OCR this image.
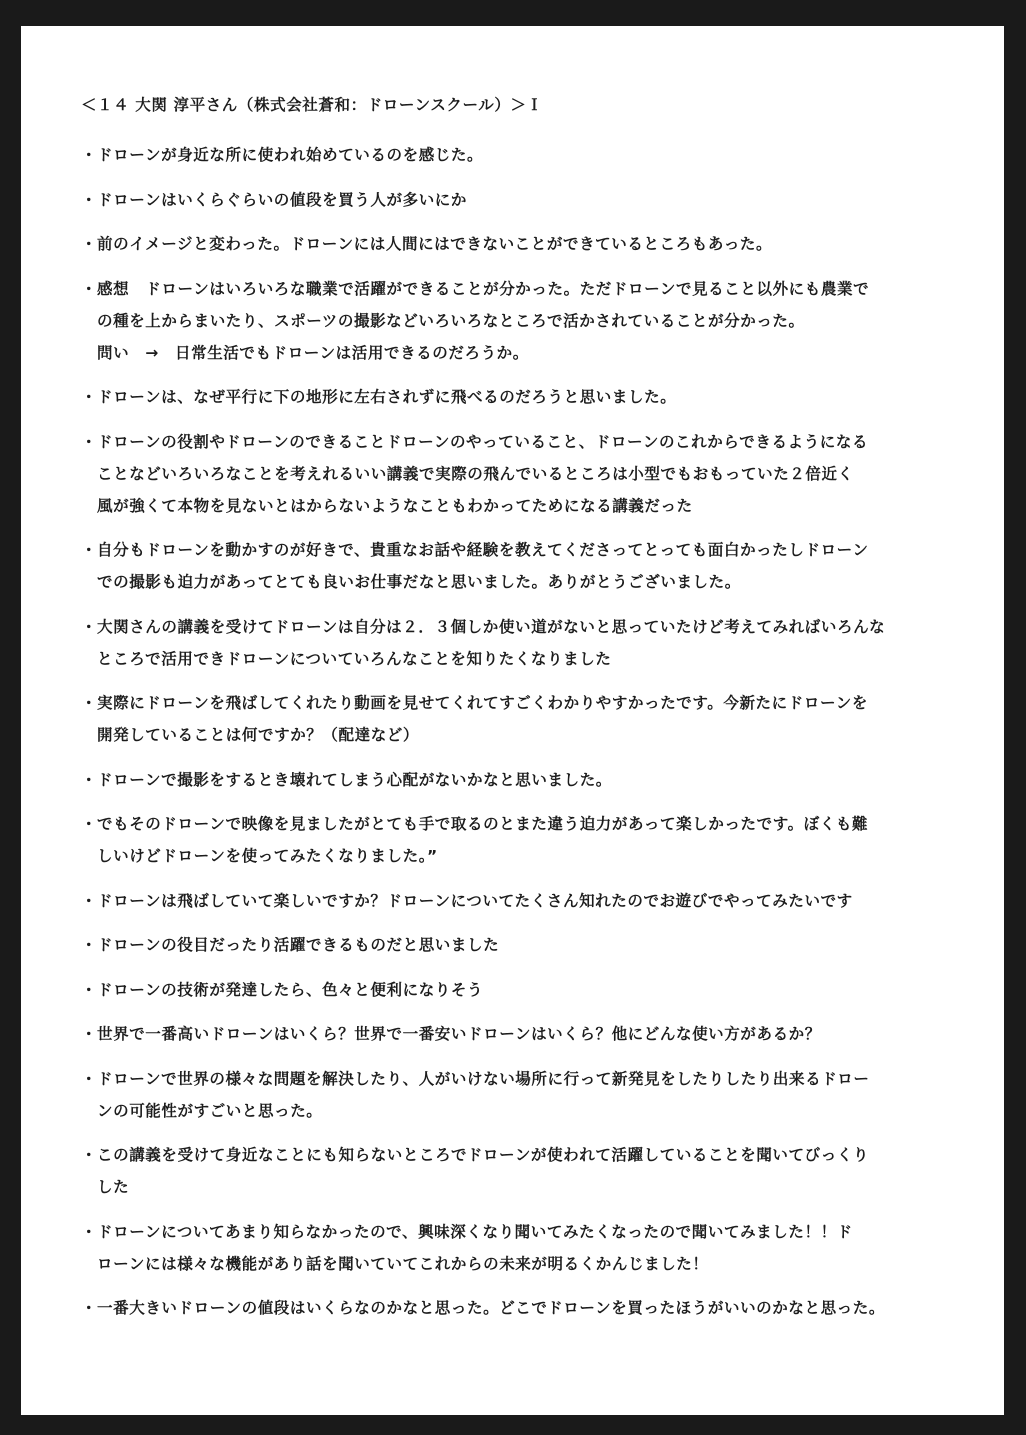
＜１４ 大関 淳平さん（株式会社蒼和：ドローンスクール）＞Ｉ
・ ドローンが身近な所に使われ始めているのを感じた。
・ ドローンはいくらぐらいの値段を買う人が多いにか
・ 前のイメージと変わった。ドローンには人間にはできないことができているところもあった。
・ 感想　ドローンはいろいろな職業で活躍ができることが分かった。ただドローンで見ること以外にも農業で
の種を上からまいたり、スポーツの撮影などいろいろなところで活かされていることが分かった。
問い　→　日常生活でもドローンは活用できるのだろうか。
・ ドローンは、なぜ平行に下の地形に左右されずに飛べるのだろうと思いました。
・ ドローンの役割やドローンのできることドローンのやっていること、ドローンのこれからできるようになる
ことなどいろいろなことを考えれるいい講義で実際の飛んでいるところは小型でもおもっていた２倍近く
風が強くて本物を見ないとはからないようなこともわかってためになる講義だった
・ 自分もドローンを動かすのが好きで、貴重なお話や経験を教えてくださってとっても面白かったしドローン
での撮影も迫力があってとても良いお仕事だなと思いました。ありがとうございました。
・ 大関さんの講義を受けてドローンは自分は２．３個しか使い道がないと思っていたけど考えてみればいろんな
ところで活用できドローンについていろんなことを知りたくなりました
・ 実際にドローンを飛ばしてくれたり動画を見せてくれてすごくわかりやすかったです。今新たにドローンを
開発していることは何ですか？（配達など）
・ ドローンで撮影をするとき壊れてしまう心配がないかなと思いました。
・ でもそのドローンで映像を見ましたがとても手で取るのとまた違う迫力があって楽しかったです。ぼくも難
しいけどドローンを使ってみたくなりました。”
・ ドローンは飛ばしていて楽しいですか？ドローンについてたくさん知れたのでお遊びでやってみたいです
・ ドローンの役目だったり活躍できるものだと思いました
・ ドローンの技術が発達したら、色々と便利になりそう
・ 世界で一番高いドローンはいくら？世界で一番安いドローンはいくら？他にどんな使い方があるか？
・ ドローンで世界の様々な問題を解決したり、人がいけない場所に行って新発見をしたりしたり出来るドロー
ンの可能性がすごいと思った。
・ この講義を受けて身近なことにも知らないところでドローンが使われて活躍していることを聞いてびっくり
した
・ ドローンについてあまり知らなかったので、興味深くなり聞いてみたくなったので聞いてみました！！ド
ローンには様々な機能があり話を聞いていてこれからの未来が明るくかんじました！
・ 一番大きいドローンの値段はいくらなのかなと思った。どこでドローンを買ったほうがいいのかなと思った。
